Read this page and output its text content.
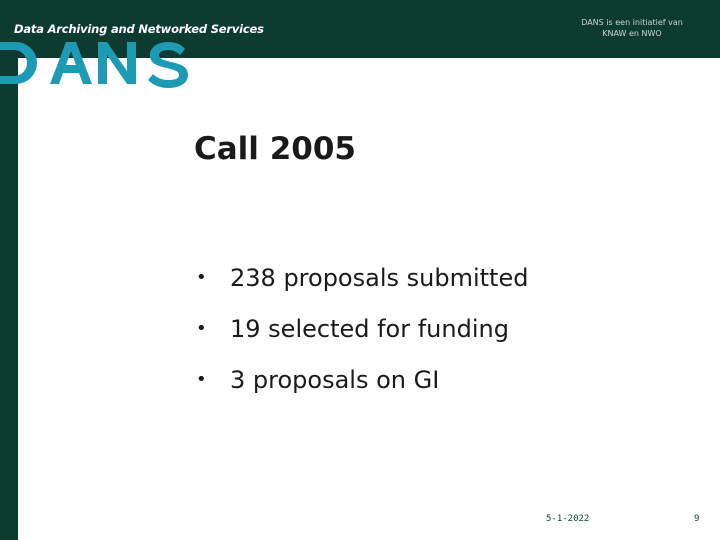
Data Archiving and Networked Services	DANS is een initiatief van
KNAW en NWO
Call 2005
• 238 proposals submitted
• 19 selected for funding
• 3 proposals on GI
5-1-2022	9
